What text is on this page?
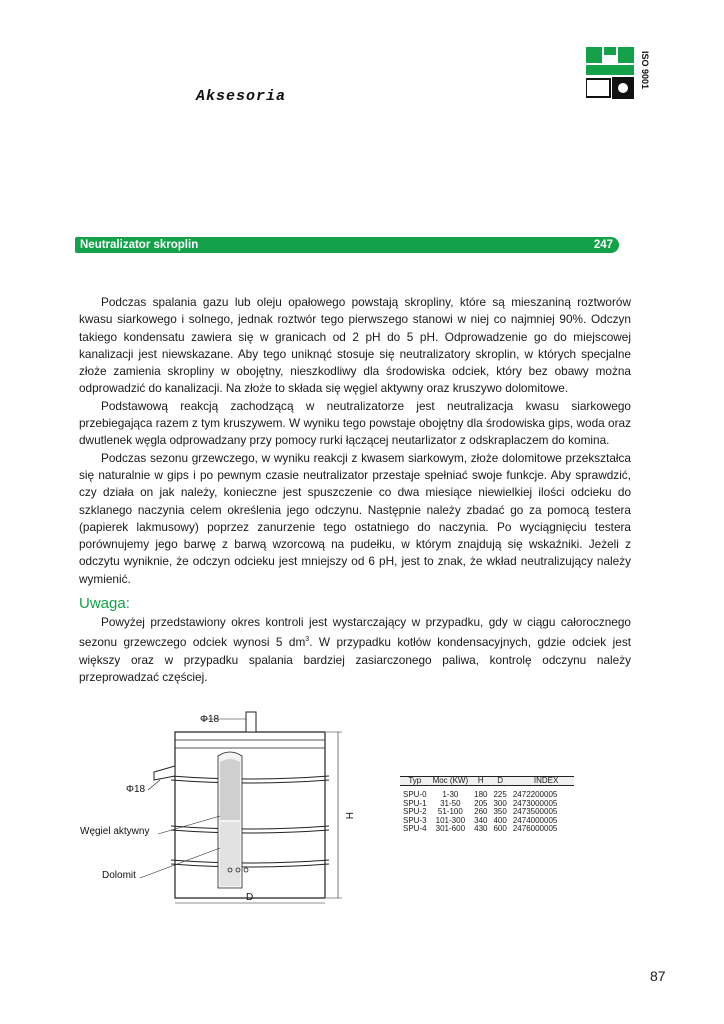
Aksesoria
ISO 9001
Neutralizator skroplin	247

Podczas spalania gazu lub oleju opałowego powstają skropliny, które są mieszaniną roztworów kwasu siarkowego i solnego, jednak roztwór tego pierwszego stanowi w niej co najmniej 90%. Odczyn takiego kondensatu zawiera się w granicach od 2 pH do 5 pH. Odprowadzenie go do miejscowej kanalizacji jest niewskazane. Aby tego uniknąć stosuje się neutralizatory skroplin, w których specjalne złoże zamienia skropliny w obojętny, nieszkodliwy dla środowiska odciek, który bez obawy można odprowadzić do kanalizacji. Na złoże to składa się węgiel aktywny oraz kruszywo dolomitowe.

Podstawową reakcją zachodzącą w neutralizatorze jest neutralizacja kwasu siarkowego przebiegająca razem z tym kruszywem. W wyniku tego powstaje obojętny dla środowiska gips, woda oraz dwutlenek węgla odprowadzany przy pomocy rurki łączącej neutarlizator z odskraplaczem do komina.

Podczas sezonu grzewczego, w wyniku reakcji z kwasem siarkowym, złoże dolomitowe przekształca się naturalnie w gips i po pewnym czasie neutralizator przestaje spełniać swoje funkcje. Aby sprawdzić, czy działa on jak należy, konieczne jest spuszczenie co dwa miesiące niewielkiej ilości odcieku do szklanego naczynia celem określenia jego odczynu. Następnie należy zbadać go za pomocą testera (papierek lakmusowy) poprzez zanurzenie tego ostatniego do naczynia. Po wyciągnięciu testera porównujemy jego barwę z barwą wzorcową na pudełku, w którym znajdują się wskaźniki. Jeżeli z odczytu wyniknie, że odczyn odcieku jest mniejszy od 6 pH, jest to znak, że wkład neutralizujący należy wymienić.

Uwaga:

Powyżej przedstawiony okres kontroli jest wystarczający w przypadku, gdy w ciągu całorocznego sezonu grzewczego odciek wynosi 5 $dm^3$. W przypadku kotłów kondensacyjnych, gdzie odciek jest większy oraz w przypadku spalania bardziej zasiarczonego paliwa, kontrolę odczynu należy przeprowadzać częściej.

Φ18
Φ18
Węgiel aktywny
Dolomit
H
D
Typ	Moc (KW)	H	D	INDEX
SPU-0	1-30	180	225	2472200005
SPU-1	31-50	205	300	2473000005
SPU-2	51-100	260	350	2473500005
SPU-3	101-300	340	400	2474000005
SPU-4	301-600	430	600	2476000005
87
